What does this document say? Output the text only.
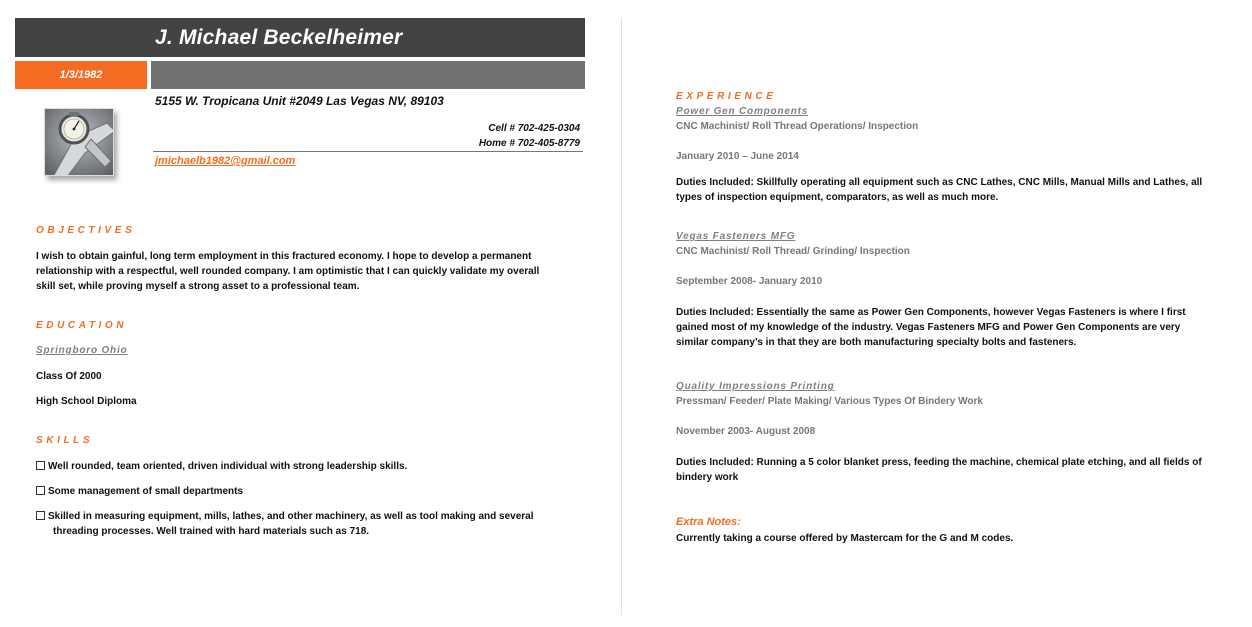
J. Michael Beckelheimer
1/3/1982
5155 W. Tropicana Unit #2049 Las Vegas NV, 89103
Cell # 702-425-0304
Home # 702-405-8779
jmichaelb1982@gmail.com
OBJECTIVES
I wish to obtain gainful, long term employment in this fractured economy. I hope to develop a permanent
relationship with a respectful, well rounded company. I am optimistic that I can quickly validate my overall
skill set, while proving myself a strong asset to a professional team.
EDUCATION
Springboro Ohio
Class Of 2000
High School Diploma
SKILLS
Well rounded, team oriented, driven individual with strong leadership skills.
Some management of small departments
Skilled in measuring equipment, mills, lathes, and other machinery, as well as tool making and several
threading processes. Well trained with hard materials such as 718.
EXPERIENCE
Power Gen Components
CNC Machinist/ Roll Thread Operations/ Inspection
January 2010 – June 2014
Duties Included: Skillfully operating all equipment such as CNC Lathes, CNC Mills, Manual Mills and Lathes, all
types of inspection equipment, comparators, as well as much more.
Vegas Fasteners MFG
CNC Machinist/ Roll Thread/ Grinding/ Inspection
September 2008- January 2010
Duties Included: Essentially the same as Power Gen Components, however Vegas Fasteners is where I first
gained most of my knowledge of the industry. Vegas Fasteners MFG and Power Gen Components are very
similar company’s in that they are both manufacturing specialty bolts and fasteners.
Quality Impressions Printing
Pressman/ Feeder/ Plate Making/ Various Types Of Bindery Work
November 2003- August 2008
Duties Included: Running a 5 color blanket press, feeding the machine, chemical plate etching, and all fields of
bindery work
Extra Notes:
Currently taking a course offered by Mastercam for the G and M codes.
